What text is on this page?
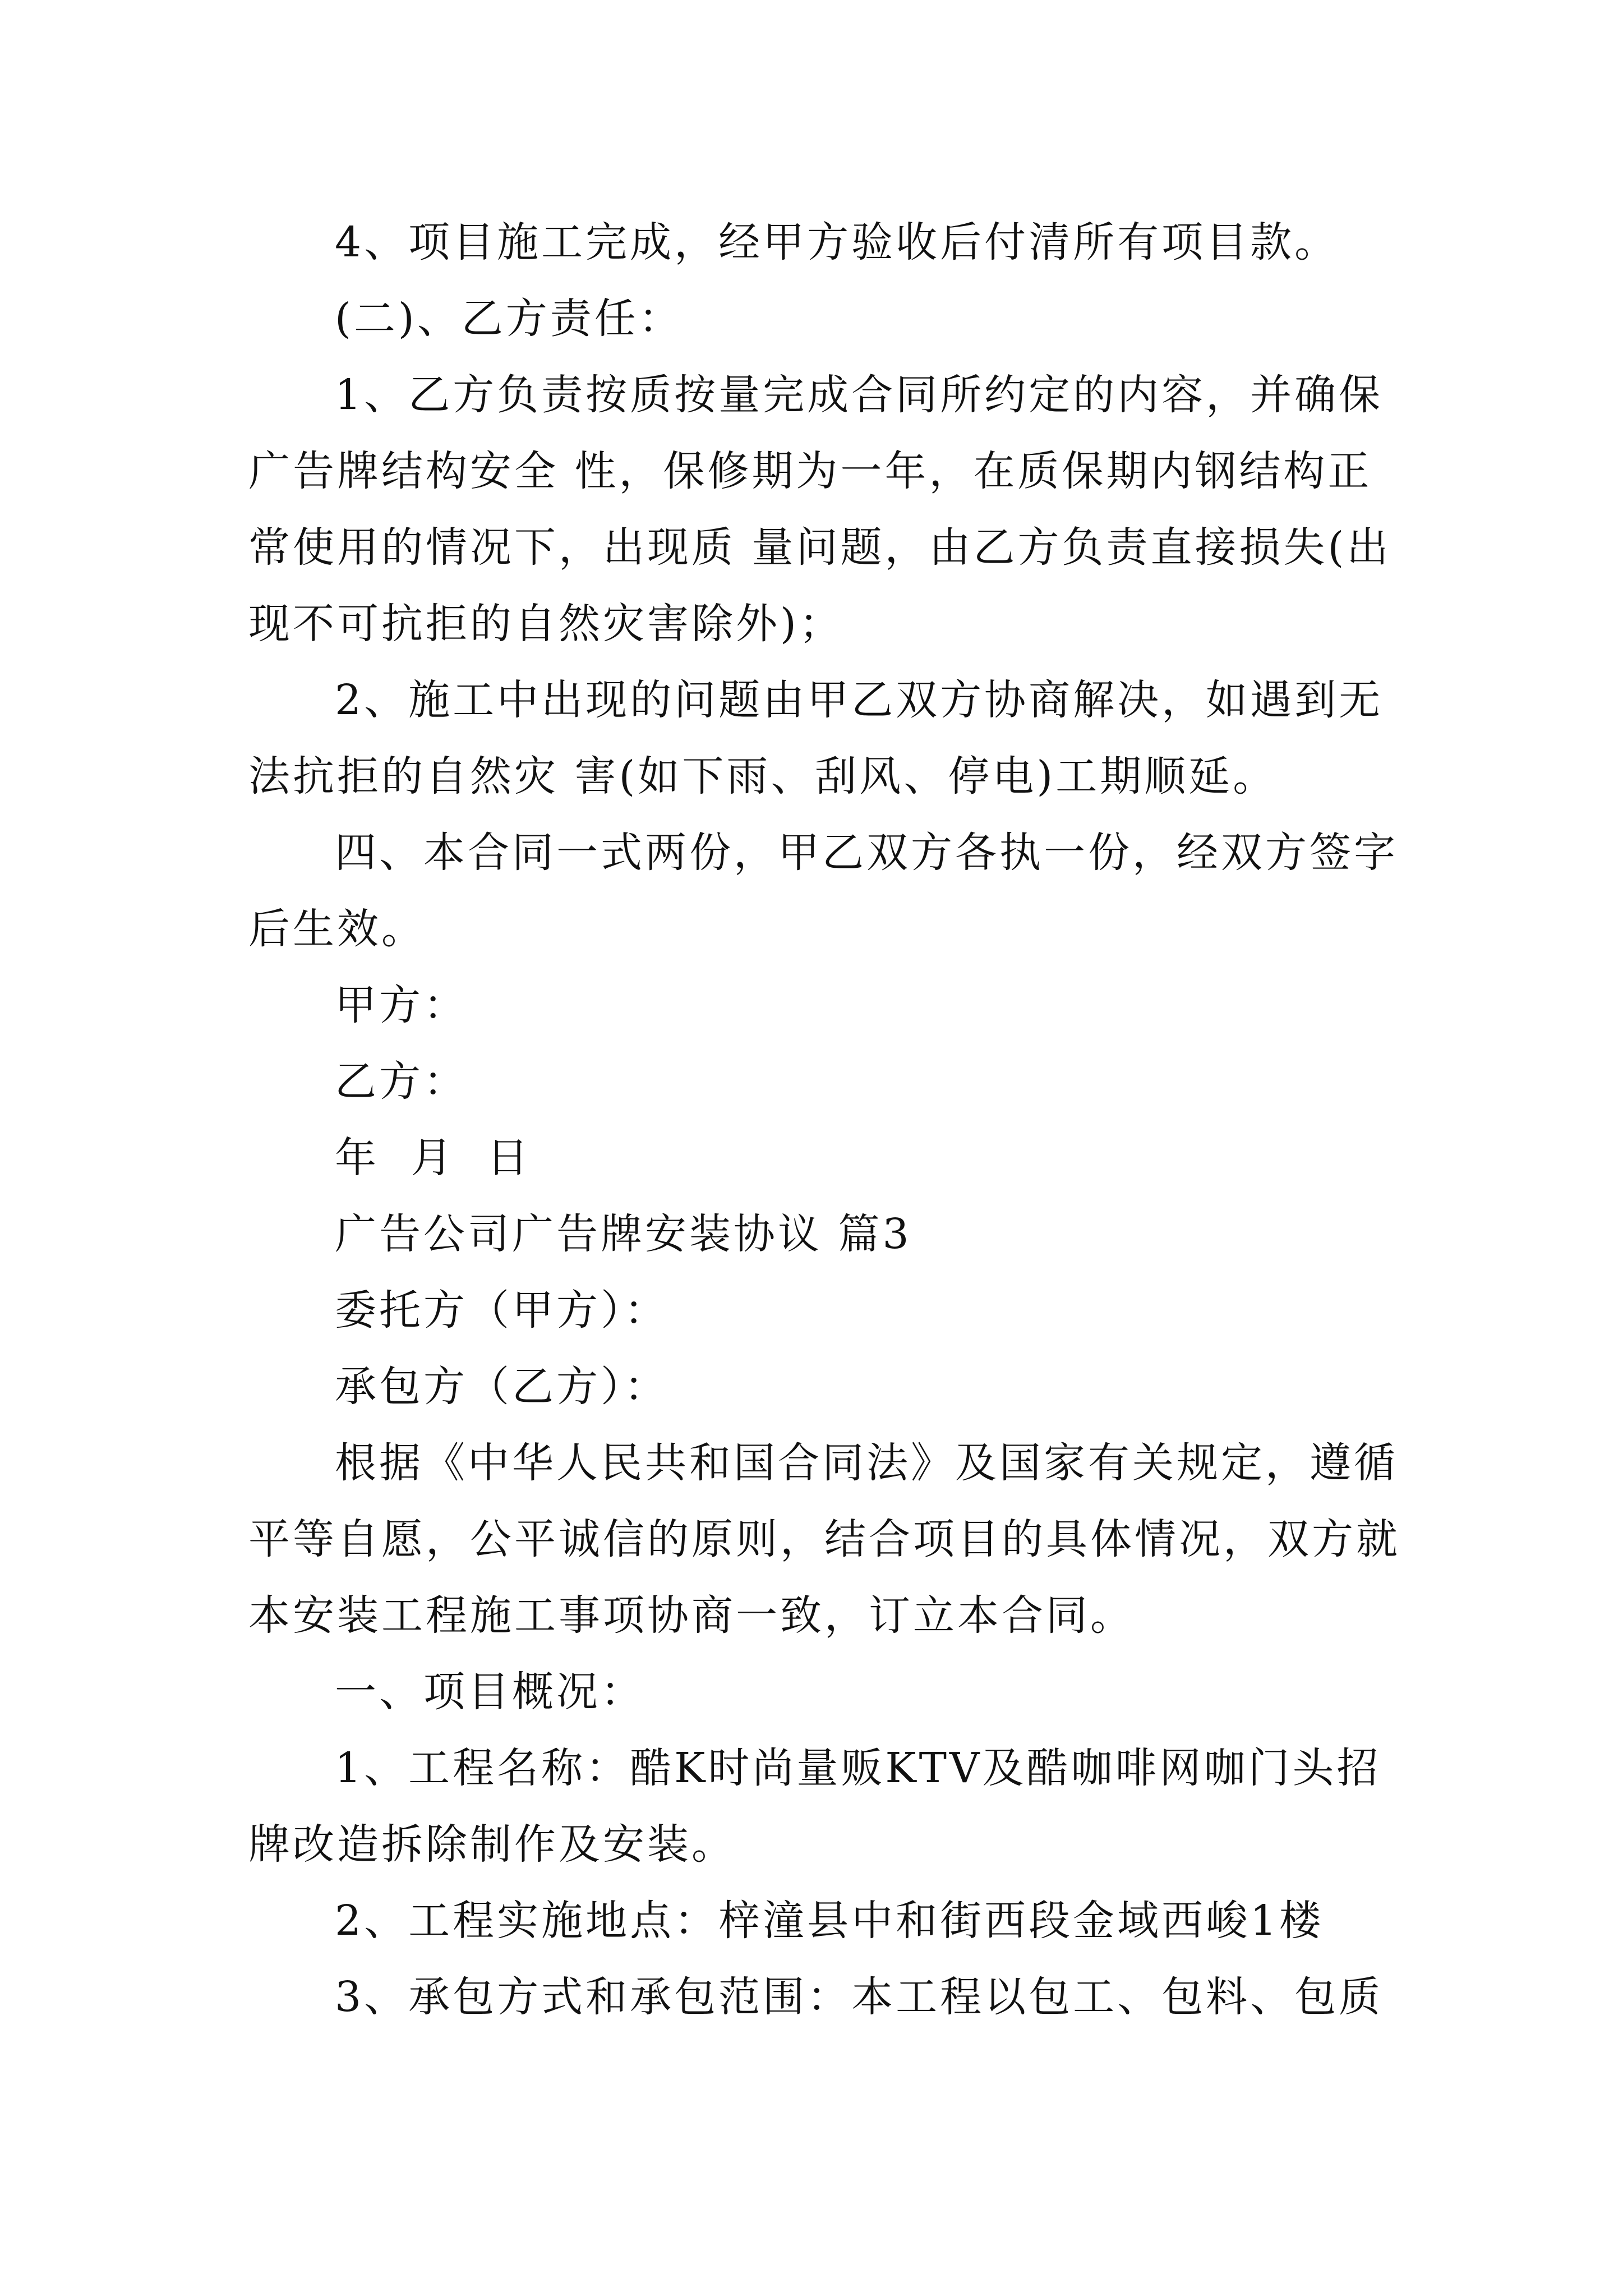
4、项目施工完成，经甲方验收后付清所有项目款。
(二)、乙方责任：
1、乙方负责按质按量完成合同所约定的内容，并确保
广告牌结构安全 性，保修期为一年，在质保期内钢结构正
常使用的情况下，出现质 量问题，由乙方负责直接损失(出
现不可抗拒的自然灾害除外)；
2、施工中出现的问题由甲乙双方协商解决，如遇到无
法抗拒的自然灾 害(如下雨、刮风、停电)工期顺延。
四、本合同一式两份，甲乙双方各执一份，经双方签字
后生效。
甲方：
乙方：
年 月 日
广告公司广告牌安装协议 篇3
委托方（甲方）：
承包方（乙方）：
根据《中华人民共和国合同法》及国家有关规定，遵循
平等自愿，公平诚信的原则，结合项目的具体情况，双方就
本安装工程施工事项协商一致，订立本合同。
一、项目概况：
1、工程名称：酷K时尚量贩KTV及酷咖啡网咖门头招
牌改造拆除制作及安装。
2、工程实施地点：梓潼县中和街西段金域西峻1楼
3、承包方式和承包范围：本工程以包工、包料、包质
